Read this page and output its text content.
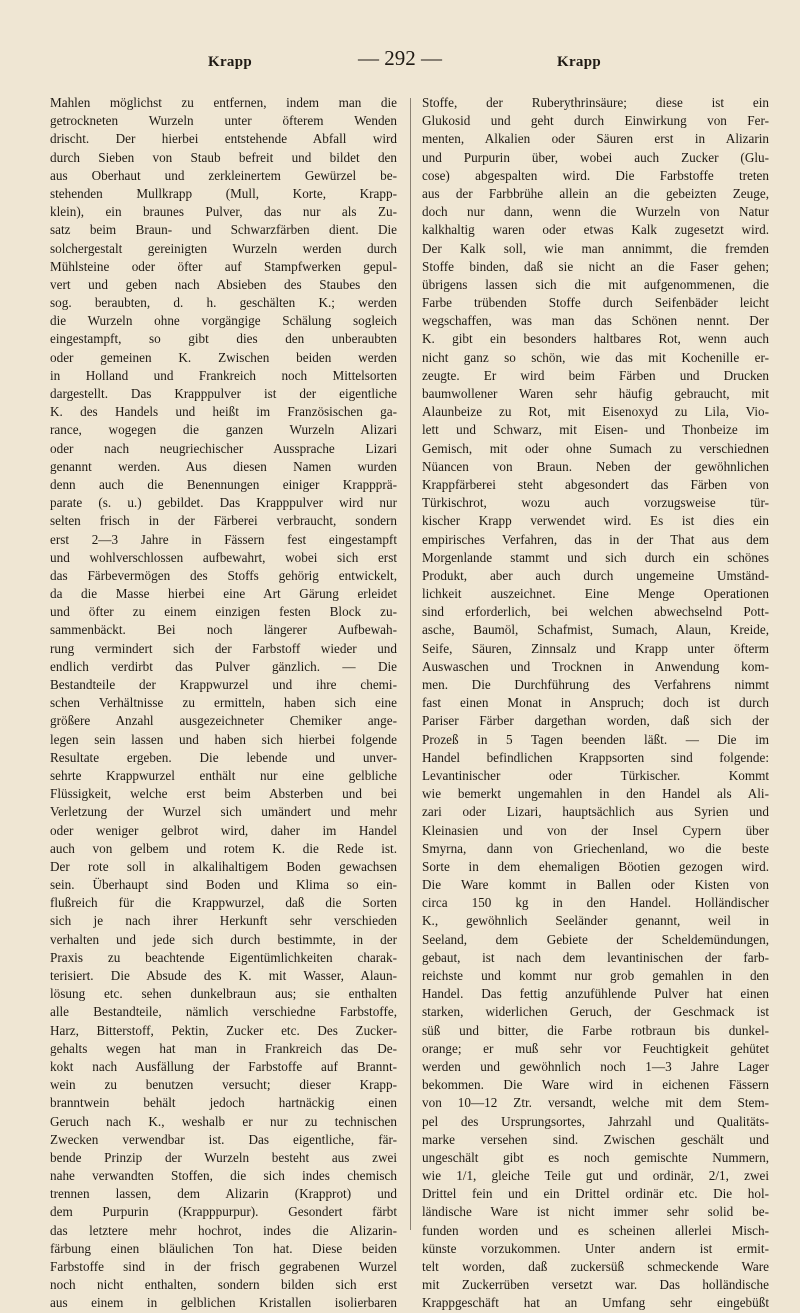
Krapp	— 292 —	Krapp
Mahlen möglichst zu entfernen, indem man die
getrockneten Wurzeln unter öfterem Wenden
drischt. Der hierbei entstehende Abfall wird
durch Sieben von Staub befreit und bildet den
aus Oberhaut und zerkleinertem Gewürzel be-
stehenden Mullkrapp (Mull, Korte, Krapp-
klein), ein braunes Pulver, das nur als Zu-
satz beim Braun- und Schwarzfärben dient. Die
solchergestalt gereinigten Wurzeln werden durch
Mühlsteine oder öfter auf Stampfwerken gepul-
vert und geben nach Absieben des Staubes den
sog. beraubten, d. h. geschälten K.; werden
die Wurzeln ohne vorgängige Schälung sogleich
eingestampft, so gibt dies den unberaubten
oder gemeinen K. Zwischen beiden werden
in Holland und Frankreich noch Mittelsorten
dargestellt. Das Krapppulver ist der eigentliche
K. des Handels und heißt im Französischen ga-
rance, wogegen die ganzen Wurzeln Alizari
oder nach neugriechischer Aussprache Lizari
genannt werden. Aus diesen Namen wurden
denn auch die Benennungen einiger Krappprä-
parate (s. u.) gebildet. Das Krapppulver wird nur
selten frisch in der Färberei verbraucht, sondern
erst 2—3 Jahre in Fässern fest eingestampft
und wohlverschlossen aufbewahrt, wobei sich erst
das Färbevermögen des Stoffs gehörig entwickelt,
da die Masse hierbei eine Art Gärung erleidet
und öfter zu einem einzigen festen Block zu-
sammenbäckt. Bei noch längerer Aufbewah-
rung vermindert sich der Farbstoff wieder und
endlich verdirbt das Pulver gänzlich. — Die
Bestandteile der Krappwurzel und ihre chemi-
schen Verhältnisse zu ermitteln, haben sich eine
größere Anzahl ausgezeichneter Chemiker ange-
legen sein lassen und haben sich hierbei folgende
Resultate ergeben. Die lebende und unver-
sehrte Krappwurzel enthält nur eine gelbliche
Flüssigkeit, welche erst beim Absterben und bei
Verletzung der Wurzel sich umändert und mehr
oder weniger gelbrot wird, daher im Handel
auch von gelbem und rotem K. die Rede ist.
Der rote soll in alkalihaltigem Boden gewachsen
sein. Überhaupt sind Boden und Klima so ein-
flußreich für die Krappwurzel, daß die Sorten
sich je nach ihrer Herkunft sehr verschieden
verhalten und jede sich durch bestimmte, in der
Praxis zu beachtende Eigentümlichkeiten charak-
terisiert. Die Absude des K. mit Wasser, Alaun-
lösung etc. sehen dunkelbraun aus; sie enthalten
alle Bestandteile, nämlich verschiedne Farbstoffe,
Harz, Bitterstoff, Pektin, Zucker etc. Des Zucker-
gehalts wegen hat man in Frankreich das De-
kokt nach Ausfällung der Farbstoffe auf Brannt-
wein zu benutzen versucht; dieser Krapp-
branntwein behält jedoch hartnäckig einen
Geruch nach K., weshalb er nur zu technischen
Zwecken verwendbar ist. Das eigentliche, fär-
bende Prinzip der Wurzeln besteht aus zwei
nahe verwandten Stoffen, die sich indes chemisch
trennen lassen, dem Alizarin (Krapprot) und
dem Purpurin (Krapppurpur). Gesondert färbt
das letztere mehr hochrot, indes die Alizarin-
färbung einen bläulichen Ton hat. Diese beiden
Farbstoffe sind in der frisch gegrabenen Wurzel
noch nicht enthalten, sondern bilden sich erst
aus einem in gelblichen Kristallen isolierbaren
Stoffe, der Ruberythrinsäure; diese ist ein
Glukosid und geht durch Einwirkung von Fer-
menten, Alkalien oder Säuren erst in Alizarin
und Purpurin über, wobei auch Zucker (Glu-
cose) abgespalten wird. Die Farbstoffe treten
aus der Farbbrühe allein an die gebeizten Zeuge,
doch nur dann, wenn die Wurzeln von Natur
kalkhaltig waren oder etwas Kalk zugesetzt wird.
Der Kalk soll, wie man annimmt, die fremden
Stoffe binden, daß sie nicht an die Faser gehen;
übrigens lassen sich die mit aufgenommenen, die
Farbe trübenden Stoffe durch Seifenbäder leicht
wegschaffen, was man das Schönen nennt. Der
K. gibt ein besonders haltbares Rot, wenn auch
nicht ganz so schön, wie das mit Kochenille er-
zeugte. Er wird beim Färben und Drucken
baumwollener Waren sehr häufig gebraucht, mit
Alaunbeize zu Rot, mit Eisenoxyd zu Lila, Vio-
lett und Schwarz, mit Eisen- und Thonbeize im
Gemisch, mit oder ohne Sumach zu verschiednen
Nüancen von Braun. Neben der gewöhnlichen
Krappfärberei steht abgesondert das Färben von
Türkischrot, wozu auch vorzugsweise tür-
kischer Krapp verwendet wird. Es ist dies ein
empirisches Verfahren, das in der That aus dem
Morgenlande stammt und sich durch ein schönes
Produkt, aber auch durch ungemeine Umständ-
lichkeit auszeichnet. Eine Menge Operationen
sind erforderlich, bei welchen abwechselnd Pott-
asche, Baumöl, Schafmist, Sumach, Alaun, Kreide,
Seife, Säuren, Zinnsalz und Krapp unter öfterm
Auswaschen und Trocknen in Anwendung kom-
men. Die Durchführung des Verfahrens nimmt
fast einen Monat in Anspruch; doch ist durch
Pariser Färber dargethan worden, daß sich der
Prozeß in 5 Tagen beenden läßt. — Die im
Handel befindlichen Krappsorten sind folgende:
Levantinischer oder Türkischer. Kommt
wie bemerkt ungemahlen in den Handel als Ali-
zari oder Lizari, hauptsächlich aus Syrien und
Kleinasien und von der Insel Cypern über
Smyrna, dann von Griechenland, wo die beste
Sorte in dem ehemaligen Böotien gezogen wird.
Die Ware kommt in Ballen oder Kisten von
circa 150 kg in den Handel. Holländischer
K., gewöhnlich Seeländer genannt, weil in
Seeland, dem Gebiete der Scheldemündungen,
gebaut, ist nach dem levantinischen der farb-
reichste und kommt nur grob gemahlen in den
Handel. Das fettig anzufühlende Pulver hat einen
starken, widerlichen Geruch, der Geschmack ist
süß und bitter, die Farbe rotbraun bis dunkel-
orange; er muß sehr vor Feuchtigkeit gehütet
werden und gewöhnlich noch 1—3 Jahre Lager
bekommen. Die Ware wird in eichenen Fässern
von 10—12 Ztr. versandt, welche mit dem Stem-
pel des Ursprungsortes, Jahrzahl und Qualitäts-
marke versehen sind. Zwischen geschält und
ungeschält gibt es noch gemischte Nummern,
wie 1/1, gleiche Teile gut und ordinär, 2/1, zwei
Drittel fein und ein Drittel ordinär etc. Die hol-
ländische Ware ist nicht immer sehr solid be-
funden worden und es scheinen allerlei Misch-
künste vorzukommen. Unter andern ist ermit-
telt worden, daß zuckersüß schmeckende Ware
mit Zuckerrüben versetzt war. Das holländische
Krappgeschäft hat an Umfang sehr eingebüßt
